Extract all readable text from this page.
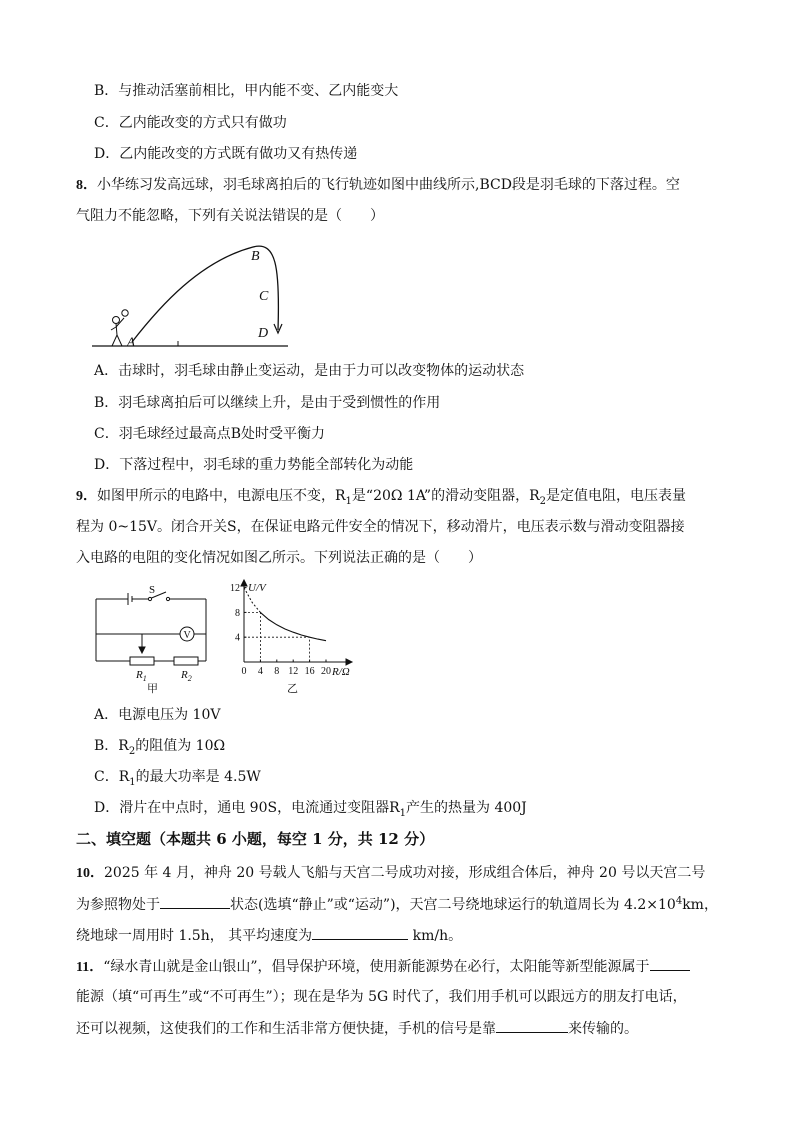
B．与推动活塞前相比，甲内能不变、乙内能变大
C．乙内能改变的方式只有做功
D．乙内能改变的方式既有做功又有热传递
8．小华练习发高远球，羽毛球离拍后的飞行轨迹如图中曲线所示,BCD段是羽毛球的下落过程。空
气阻力不能忽略，下列有关说法错误的是（　　）
A
B
C
D
A．击球时，羽毛球由静止变运动，是由于力可以改变物体的运动状态
B．羽毛球离拍后可以继续上升，是由于受到惯性的作用
C．羽毛球经过最高点B处时受平衡力
D．下落过程中，羽毛球的重力势能全部转化为动能
9．如图甲所示的电路中，电源电压不变，$R_1$是“20Ω 1A”的滑动变阻器，$R_2$是定值电阻，电压表量
程为 0~15V。闭合开关S，在保证电路元件安全的情况下，移动滑片，电压表示数与滑动变阻器接
入电路的电阻的变化情况如图乙所示。下列说法正确的是（　　）
S
V
$R_1$	$R_2$
甲
0 4 8 12 16 20
4
8
12 U/V
R/Ω
乙
A．电源电压为 10V
B．$R_2$的阻值为 10Ω
C．$R_1$的最大功率是 4.5W
D．滑片在中点时，通电 90S，电流通过变阻器$R_1$产生的热量为 400J
二、填空题（本题共 6 小题，每空 1 分，共 12 分）
10．2025 年 4 月，神舟 20 号载人飞船与天宫二号成功对接，形成组合体后，神舟 20 号以天宫二号
为参照物处于	状态(选填“静止”或“运动”)，天宫二号绕地球运行的轨道周长为 $4.2\times 10^4km$，
绕地球一周用时 1.5h， 其平均速度为	km/h。
11．“绿水青山就是金山银山”，倡导保护环境，使用新能源势在必行，太阳能等新型能源属于
能源（填“可再生”或“不可再生”）；现在是华为 5G 时代了，我们用手机可以跟远方的朋友打电话，
还可以视频，这使我们的工作和生活非常方便快捷，手机的信号是靠	来传输的。
